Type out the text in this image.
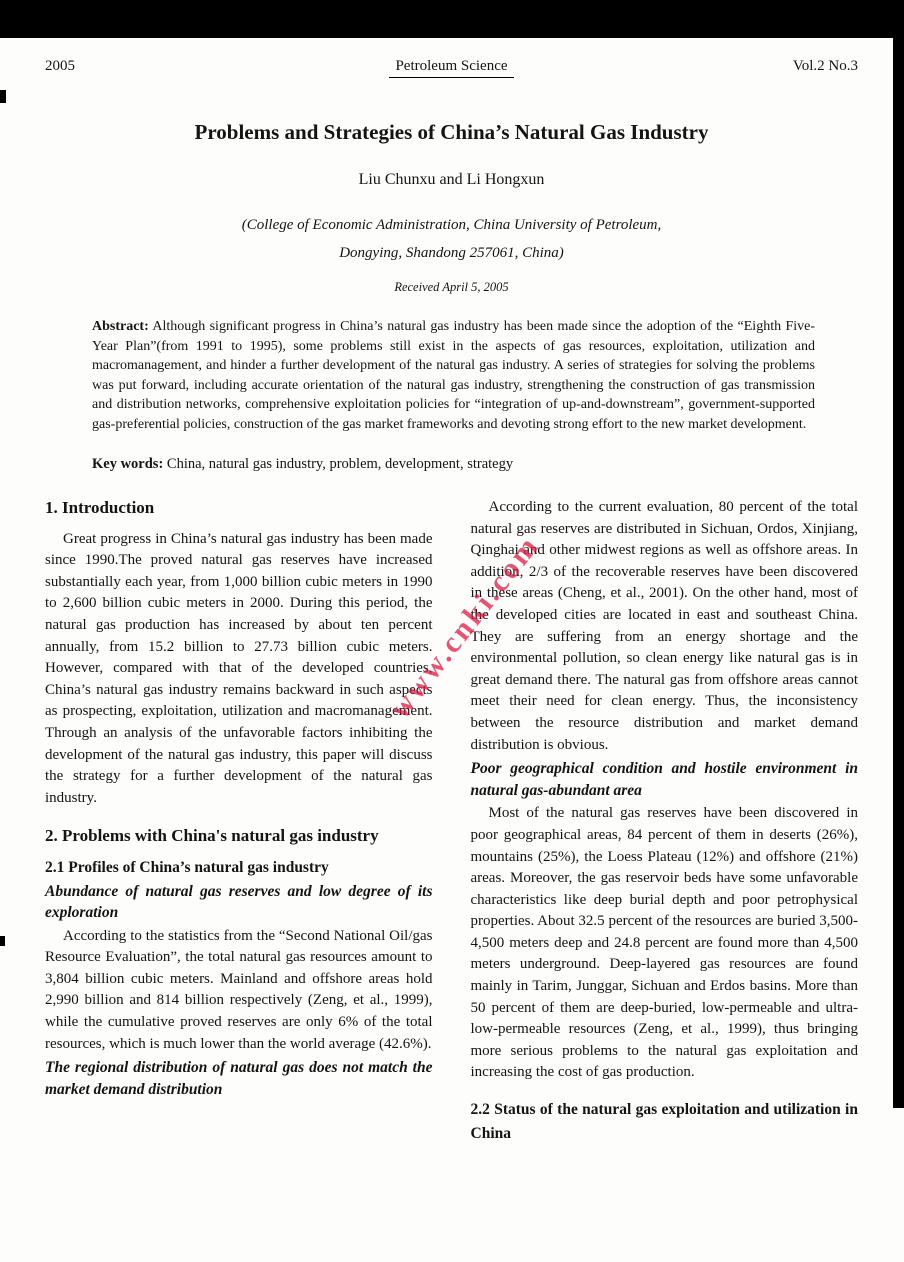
www.cnki.com
2005	Petroleum Science	Vol.2 No.3
Problems and Strategies of China’s Natural Gas Industry
Liu Chunxu and Li Hongxun
(College of Economic Administration, China University of Petroleum,
Dongying, Shandong 257061, China)
Received April 5, 2005

Abstract: Although significant progress in China’s natural gas industry has been made since the adoption of the “Eighth Five-Year Plan”(from 1991 to 1995), some problems still exist in the aspects of gas resources, exploitation, utilization and macromanagement, and hinder a further development of the natural gas industry. A series of strategies for solving the problems was put forward, including accurate orientation of the natural gas industry, strengthening the construction of gas transmission and distribution networks, comprehensive exploitation policies for “integration of up-and-downstream”, government-supported gas-preferential policies, construction of the gas market frameworks and devoting strong effort to the new market development.

Key words: China, natural gas industry, problem, development, strategy

1. Introduction

Great progress in China’s natural gas industry has been made since 1990.The proved natural gas reserves have increased substantially each year, from 1,000 billion cubic meters in 1990 to 2,600 billion cubic meters in 2000. During this period, the natural gas production has increased by about ten percent annually, from 15.2 billion to 27.73 billion cubic meters. However, compared with that of the developed countries, China’s natural gas industry remains backward in such aspects as prospecting, exploitation, utilization and macromanagement. Through an analysis of the unfavorable factors inhibiting the development of the natural gas industry, this paper will discuss the strategy for a further development of the natural gas industry.

2. Problems with China's natural gas industry
2.1 Profiles of China’s natural gas industry
Abundance of natural gas reserves and low degree of its exploration

According to the statistics from the “Second National Oil/gas Resource Evaluation”, the total natural gas resources amount to 3,804 billion cubic meters. Mainland and offshore areas hold 2,990 billion and 814 billion respectively (Zeng, et al., 1999), while the cumulative proved reserves are only 6% of the total resources, which is much lower than the world average (42.6%).

The regional distribution of natural gas does not match the market demand distribution

According to the current evaluation, 80 percent of the total natural gas reserves are distributed in Sichuan, Ordos, Xinjiang, Qinghai and other midwest regions as well as offshore areas. In addition, 2/3 of the recoverable reserves have been discovered in these areas (Cheng, et al., 2001). On the other hand, most of the developed cities are located in east and southeast China. They are suffering from an energy shortage and the environmental pollution, so clean energy like natural gas is in great demand there. The natural gas from offshore areas cannot meet their need for clean energy. Thus, the inconsistency between the resource distribution and market demand distribution is obvious.

Poor geographical condition and hostile environment in natural gas-abundant area

Most of the natural gas reserves have been discovered in poor geographical areas, 84 percent of them in deserts (26%), mountains (25%), the Loess Plateau (12%) and offshore (21%) areas. Moreover, the gas reservoir beds have some unfavorable characteristics like deep burial depth and poor petrophysical properties. About 32.5 percent of the resources are buried 3,500-4,500 meters deep and 24.8 percent are found more than 4,500 meters underground. Deep-layered gas resources are found mainly in Tarim, Junggar, Sichuan and Erdos basins. More than 50 percent of them are deep-buried, low-permeable and ultra-low-permeable resources (Zeng, et al., 1999), thus bringing more serious problems to the natural gas exploitation and increasing the cost of gas production.

2.2 Status of the natural gas exploitation and utilization in China
